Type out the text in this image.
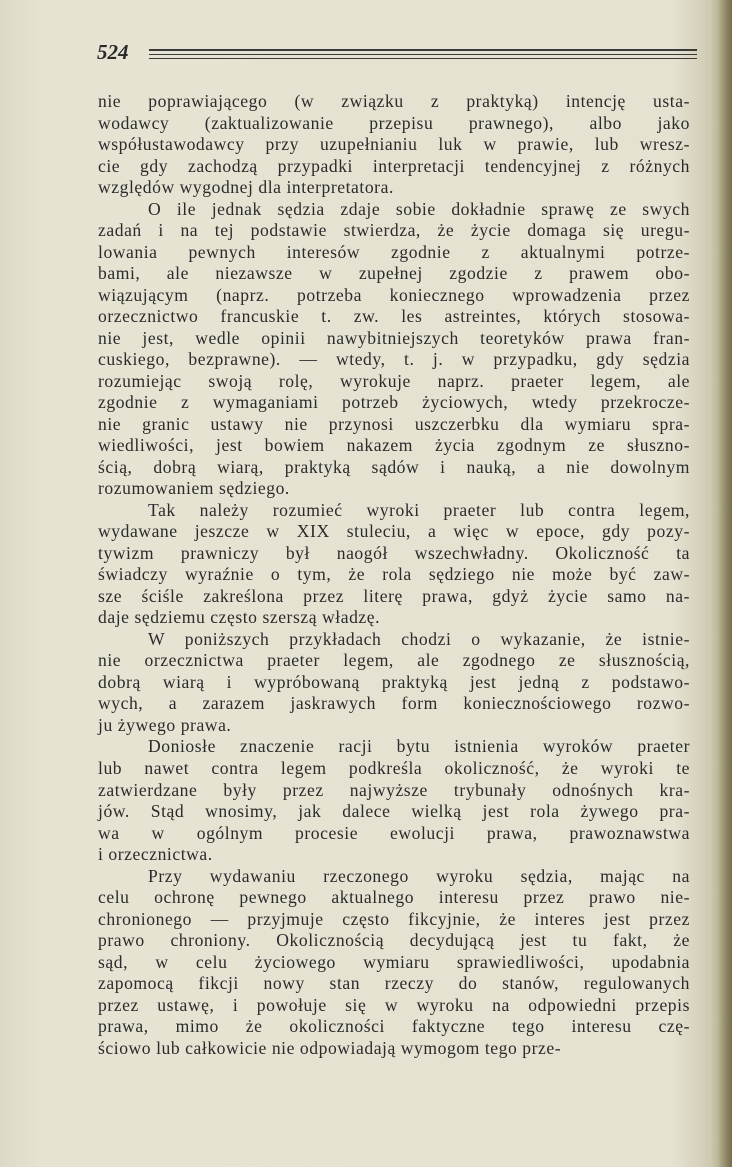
524

nie poprawiającego (w związku z praktyką) intencję usta-
wodawcy (zaktualizowanie przepisu prawnego), albo jako
współustawodawcy przy uzupełnianiu luk w prawie, lub wresz-
cie gdy zachodzą przypadki interpretacji tendencyjnej z różnych
względów wygodnej dla interpretatora.

O ile jednak sędzia zdaje sobie dokładnie sprawę ze swych
zadań i na tej podstawie stwierdza, że życie domaga się uregu-
lowania pewnych interesów zgodnie z aktualnymi potrze-
bami, ale niezawsze w zupełnej zgodzie z prawem obo-
wiązującym (naprz. potrzeba koniecznego wprowadzenia przez
orzecznictwo francuskie t. zw. les astreintes, których stosowa-
nie jest, wedle opinii nawybitniejszych teoretyków prawa fran-
cuskiego, bezprawne). — wtedy, t. j. w przypadku, gdy sędzia
rozumiejąc swoją rolę, wyrokuje naprz. praeter legem, ale
zgodnie z wymaganiami potrzeb życiowych, wtedy przekrocze-
nie granic ustawy nie przynosi uszczerbku dla wymiaru spra-
wiedliwości, jest bowiem nakazem życia zgodnym ze słuszno-
ścią, dobrą wiarą, praktyką sądów i nauką, a nie dowolnym
rozumowaniem sędziego.

Tak należy rozumieć wyroki praeter lub contra legem,
wydawane jeszcze w XIX stuleciu, a więc w epoce, gdy pozy-
tywizm prawniczy był naogół wszechwładny. Okoliczność ta
świadczy wyraźnie o tym, że rola sędziego nie może być zaw-
sze ściśle zakreślona przez literę prawa, gdyż życie samo na-
daje sędziemu często szerszą władzę.

W poniższych przykładach chodzi o wykazanie, że istnie-
nie orzecznictwa praeter legem, ale zgodnego ze słusznością,
dobrą wiarą i wypróbowaną praktyką jest jedną z podstawo-
wych, a zarazem jaskrawych form koniecznościowego rozwo-
ju żywego prawa.

Doniosłe znaczenie racji bytu istnienia wyroków praeter
lub nawet contra legem podkreśla okoliczność, że wyroki te
zatwierdzane były przez najwyższe trybunały odnośnych kra-
jów. Stąd wnosimy, jak dalece wielką jest rola żywego pra-
wa w ogólnym procesie ewolucji prawa, prawoznawstwa
i orzecznictwa.

Przy wydawaniu rzeczonego wyroku sędzia, mając na
celu ochronę pewnego aktualnego interesu przez prawo nie-
chronionego — przyjmuje często fikcyjnie, że interes jest przez
prawo chroniony. Okolicznością decydującą jest tu fakt, że
sąd, w celu życiowego wymiaru sprawiedliwości, upodabnia
zapomocą fikcji nowy stan rzeczy do stanów, regulowanych
przez ustawę, i powołuje się w wyroku na odpowiedni przepis
prawa, mimo że okoliczności faktyczne tego interesu czę-
ściowo lub całkowicie nie odpowiadają wymogom tego prze-
